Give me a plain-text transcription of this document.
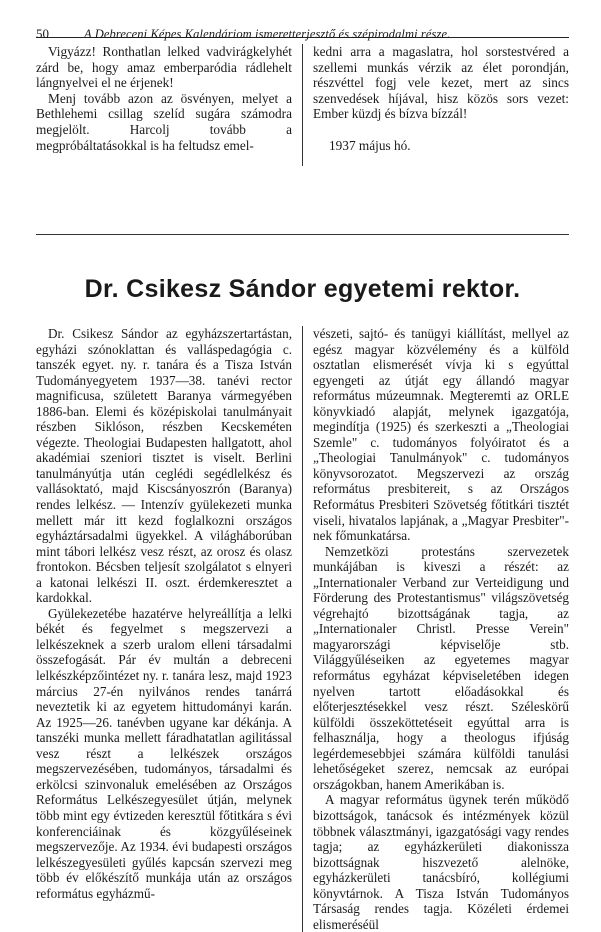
50	A Debreceni Képes Kalendáriom ismeretterjesztő és szépirodalmi része.

Vigyázz! Ronthatlan lelked vadvirágkelyhét zárd be, hogy amaz emberparódia rádlehelt lángnyelvei el ne érjenek!

Menj tovább azon az ösvényen, melyet a Bethlehemi csillag szelíd sugára számodra megjelölt. Harcolj tovább a megpróbáltatásokkal is ha feltudsz emel-

kedni arra a magaslatra, hol sorstestvéred a szellemi munkás vérzik az élet porondján, részvéttel fogj vele kezet, mert az sincs szenvedések híjával, hisz közös sors vezet: Ember küzdj és bízva bízzál!

1937 május hó.

Dr. Csikesz Sándor egyetemi rektor.

Dr. Csikesz Sándor az egyházszertartástan, egyházi szónoklattan és valláspedagógia c. tanszék egyet. ny. r. tanára és a Tisza István Tudományegyetem 1937—38. tanévi rector magnificusa, született Baranya vármegyében 1886-ban. Elemi és középiskolai tanulmányait részben Siklóson, részben Kecskeméten végezte. Theologiai Budapesten hallgatott, ahol akadémiai szeniori tisztet is viselt. Berlini tanulmányútja után ceglédi segédlelkész és vallásoktató, majd Kiscsányoszrón (Baranya) rendes lelkész. — Intenzív gyülekezeti munka mellett már itt kezd foglalkozni országos egyháztársadalmi ügyekkel. A világháborúban mint tábori lelkész vesz részt, az orosz és olasz frontokon. Bécsben teljesít szolgálatot s elnyeri a katonai lelkészi II. oszt. érdemkeresztet a kardokkal.

Gyülekezetébe hazatérve helyreállítja a lelki békét és fegyelmet s megszervezi a lelkészeknek a szerb uralom elleni társadalmi összefogását. Pár év multán a debreceni lelkészképzőintézet ny. r. tanára lesz, majd 1923 március 27-én nyilvános rendes tanárrá neveztetik ki az egyetem hittudományi karán. Az 1925—26. tanévben ugyane kar dékánja. A tanszéki munka mellett fáradhatatlan agilitással vesz részt a lelkészek országos megszervezésében, tudományos, társadalmi és erkölcsi szinvonaluk emelésében az Országos Református Lelkészegyesület útján, melynek több mint egy évtizeden keresztül főtitkára s évi konferenciáinak és közgyűléseinek megszervezője. Az 1934. évi budapesti országos lelkészegyesületi gyűlés kapcsán szervezi meg több év előkészítő munkája után az országos református egyházmű-

vészeti, sajtó- és tanügyi kiállítást, mellyel az egész magyar közvélemény és a külföld osztatlan elismerését vívja ki s egyúttal egyengeti az útját egy állandó magyar református múzeumnak. Megteremti az ORLE könyvkiadó alapját, melynek igazgatója, megindítja (1925) és szerkeszti a „Theologiai Szemle" c. tudományos folyóiratot és a „Theologiai Tanulmányok" c. tudományos könyvsorozatot. Megszervezi az ország református presbitereit, s az Országos Református Presbiteri Szövetség főtitkári tisztét viseli, hivatalos lapjának, a „Magyar Presbiter"-nek főmunkatársa.

Nemzetközi protestáns szervezetek munkájában is kiveszi a részét: az „Internationaler Verband zur Verteidigung und Förderung des Protestantismus" világszövetség végrehajtó bizottságának tagja, az „Internationaler Christl. Presse Verein" magyarországi képviselője stb. Világgyűléseiken az egyetemes magyar református egyházat képviseletében idegen nyelven tartott előadásokkal és előterjesztésekkel vesz részt. Széleskörű külföldi összeköttetéseit egyúttal arra is felhasználja, hogy a theologus ifjúság legérdemesebbjei számára külföldi tanulási lehetőségeket szerez, nemcsak az európai országokban, hanem Amerikában is.

A magyar református ügynek terén működő bizottságok, tanácsok és intézmények közül többnek választmányi, igazgatósági vagy rendes tagja; az egyházkerületi diakonissza bizottságnak hiszvezető alelnöke, egyházkerületi tanácsbíró, kollégiumi könyvtárnok. A Tisza István Tudományos Társaság rendes tagja. Közéleti érdemei elismeréséül
